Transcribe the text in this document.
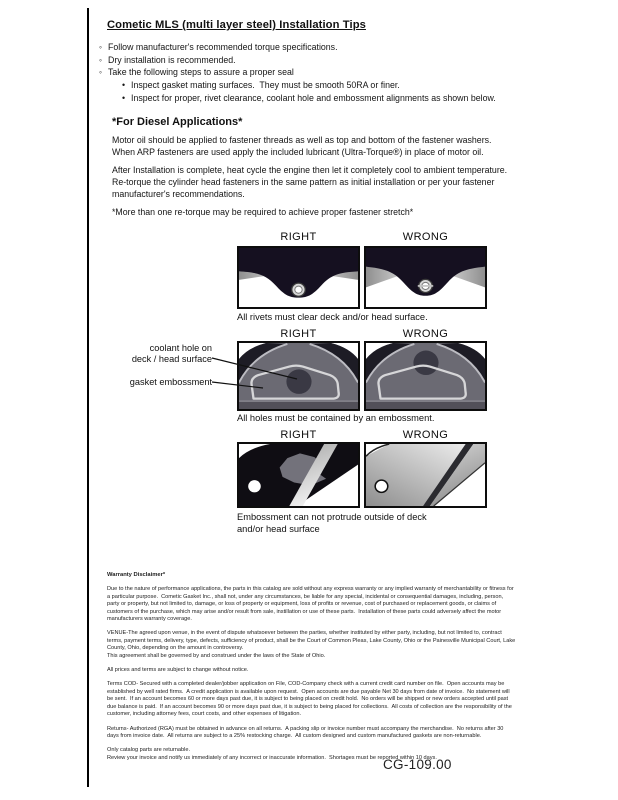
Cometic MLS (multi layer steel) Installation Tips
◦ Follow manufacturer's recommended torque specifications.
◦ Dry installation is recommended.
◦ Take the following steps to assure a proper seal
• Inspect gasket mating surfaces.  They must be smooth 50RA or finer.
• Inspect for proper, rivet clearance, coolant hole and embossment alignments as shown below.
*For Diesel Applications*
Motor oil should be applied to fastener threads as well as top and bottom of the fastener washers. When ARP fasteners are used apply the included lubricant (Ultra-Torque®) in place of motor oil.
After Installation is complete, heat cycle the engine then let it completely cool to ambient temperature. Re-torque the cylinder head fasteners in the same pattern as initial installation or per your fastener manufacturer's recommendations.
*More than one re-torque may be required to achieve proper fastener stretch*
RIGHT	WRONG
All rivets must clear deck and/or head surface.
RIGHT	WRONG
coolant hole on
deck / head surface
gasket embossment
All holes must be contained by an embossment.
RIGHT	WRONG
Embossment can not protrude outside of deck
and/or head surface

Warranty Disclaimer*

Due to the nature of performance applications, the parts in this catalog are sold without any express warranty or any implied warranty of merchantability or fitness for a particular purpose.  Cometic Gasket Inc., shall not, under any circumstances, be liable for any special, incidental or consequential damages, including, person, party or property, but not limited to, damage, or loss of property or equipment, loss of profits or revenue, cost of purchased or replacement goods, or claims of customers of the purchase, which may arise and/or result from sale, instillation or use of these parts.  Installation of these parts could adversely affect the motor manufacturers warranty coverage.

VENUE-The agreed upon venue, in the event of dispute whatsoever between the parties, whether instituted by either party, including, but not limited to, contract terms, payment terms, delivery, type, defects, sufficiency of product, shall be the Court of Common Pleas, Lake County, Ohio or the Painesville Municipal Court, Lake County, Ohio, depending on the amount in controversy.

This agreement shall be governed by and construed under the laws of the State of Ohio.

All prices and terms are subject to change without notice.

Terms COD- Secured with a completed dealer/jobber application on File, COD-Company check with a current credit card number on file.  Open accounts may be established by well rated firms.  A credit application is available upon request.  Open accounts are due payable Net 30 days from date of invoice.  No statement will be sent.  If an account becomes 60 or more days past due, it is subject to being placed on credit hold.  No orders will be shipped or new orders accepted until past due balance is paid.  If an account becomes 90 or more days past due, it is subject to being placed for collections.  All costs of collection are the responsibility of the customer, including attorney fees, court costs, and other expenses of litigation.

Returns- Authorized (RGA) must be obtained in advance on all returns.  A packing slip or invoice number must accompany the merchandise.  No returns after 30 days from invoice date.  All returns are subject to a 25% restocking charge.  All custom designed and custom manufactured gaskets are non-returnable.

Only catalog parts are returnable.

Review your invoice and notify us immediately of any incorrect or inaccurate information.  Shortages must be reported within 10 days.

CG-109.00
